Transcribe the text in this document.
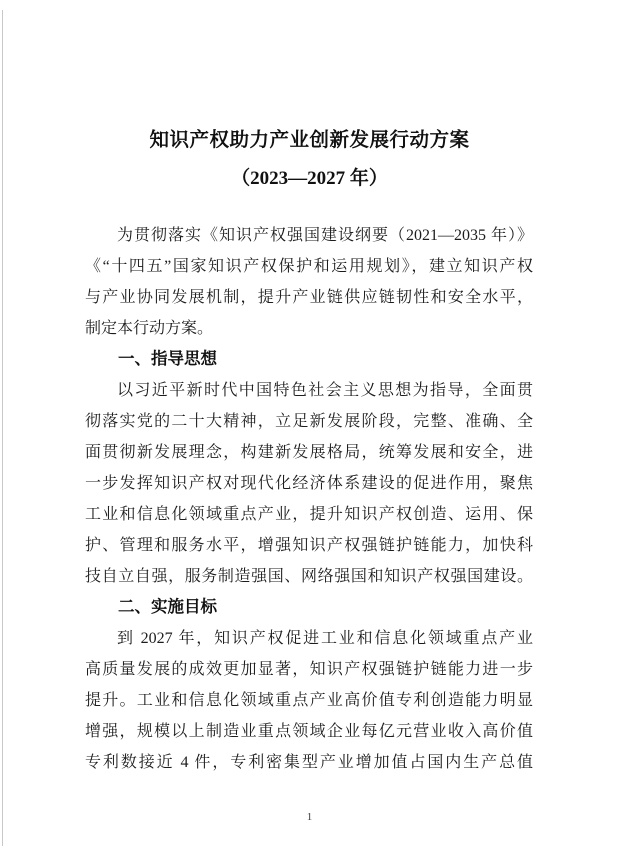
知识产权助力产业创新发展行动方案
（2023—2027 年）
为贯彻落实《知识产权强国建设纲要（2021—2035 年）》
《“十四五”国家知识产权保护和运用规划》，建立知识产权
与产业协同发展机制，提升产业链供应链韧性和安全水平，
制定本行动方案。
一、指导思想
以习近平新时代中国特色社会主义思想为指导，全面贯
彻落实党的二十大精神，立足新发展阶段，完整、准确、全
面贯彻新发展理念，构建新发展格局，统筹发展和安全，进
一步发挥知识产权对现代化经济体系建设的促进作用，聚焦
工业和信息化领域重点产业，提升知识产权创造、运用、保
护、管理和服务水平，增强知识产权强链护链能力，加快科
技自立自强，服务制造强国、网络强国和知识产权强国建设。
二、实施目标
到 2027 年，知识产权促进工业和信息化领域重点产业
高质量发展的成效更加显著，知识产权强链护链能力进一步
提升。工业和信息化领域重点产业高价值专利创造能力明显
增强，规模以上制造业重点领域企业每亿元营业收入高价值
专利数接近 4 件，专利密集型产业增加值占国内生产总值
1
